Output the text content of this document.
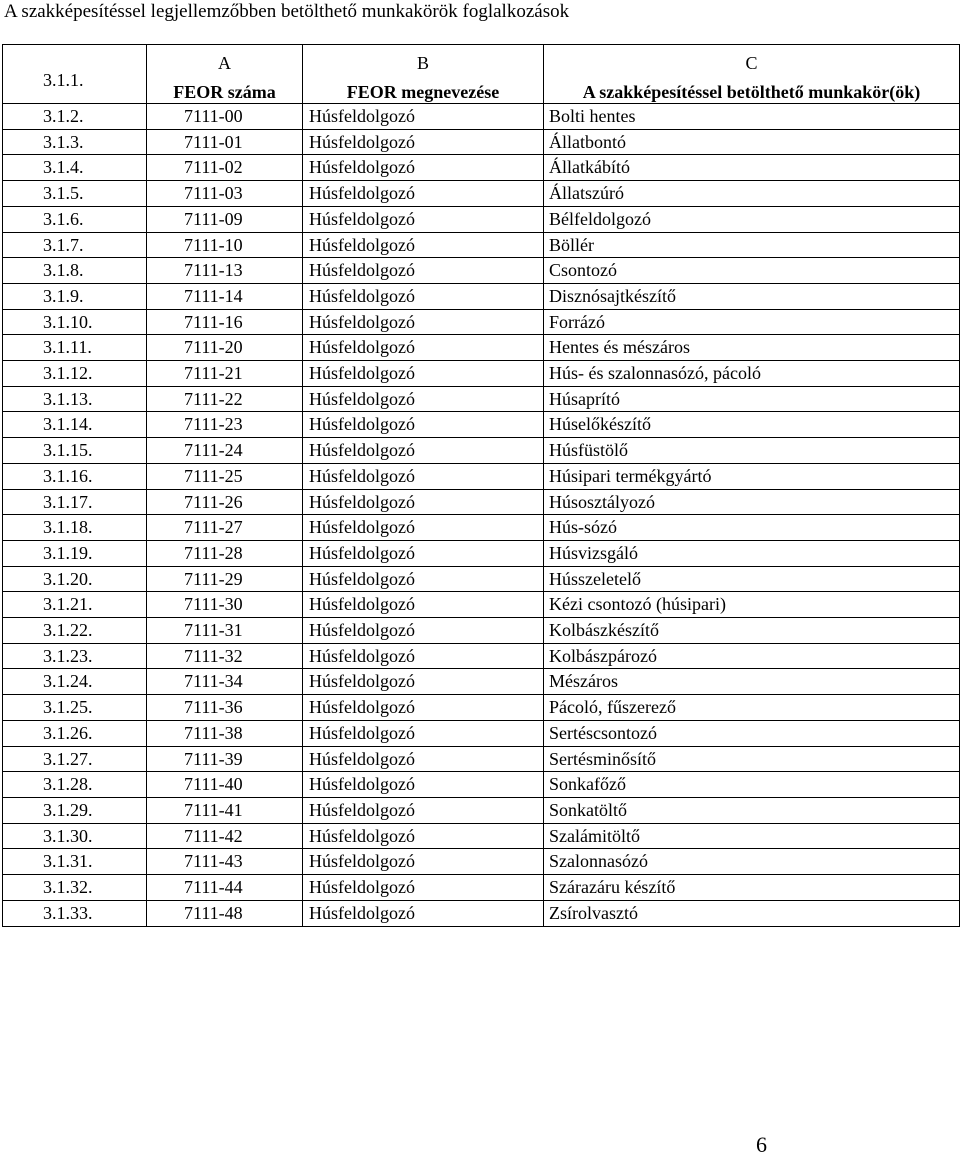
A szakképesítéssel legjellemzőbben betölthető munkakörök foglalkozások
	A	B	C
3.1.1.	FEOR száma	FEOR megnevezése	A szakképesítéssel betölthető munkakör(ök)
3.1.2.	7111-00	Húsfeldolgozó	Bolti hentes
3.1.3.	7111-01	Húsfeldolgozó	Állatbontó
3.1.4.	7111-02	Húsfeldolgozó	Állatkábító
3.1.5.	7111-03	Húsfeldolgozó	Állatszúró
3.1.6.	7111-09	Húsfeldolgozó	Bélfeldolgozó
3.1.7.	7111-10	Húsfeldolgozó	Böllér
3.1.8.	7111-13	Húsfeldolgozó	Csontozó
3.1.9.	7111-14	Húsfeldolgozó	Disznósajtkészítő
3.1.10.	7111-16	Húsfeldolgozó	Forrázó
3.1.11.	7111-20	Húsfeldolgozó	Hentes és mészáros
3.1.12.	7111-21	Húsfeldolgozó	Hús- és szalonnasózó, pácoló
3.1.13.	7111-22	Húsfeldolgozó	Húsaprító
3.1.14.	7111-23	Húsfeldolgozó	Húselőkészítő
3.1.15.	7111-24	Húsfeldolgozó	Húsfüstölő
3.1.16.	7111-25	Húsfeldolgozó	Húsipari termékgyártó
3.1.17.	7111-26	Húsfeldolgozó	Húsosztályozó
3.1.18.	7111-27	Húsfeldolgozó	Hús-sózó
3.1.19.	7111-28	Húsfeldolgozó	Húsvizsgáló
3.1.20.	7111-29	Húsfeldolgozó	Hússzeletelő
3.1.21.	7111-30	Húsfeldolgozó	Kézi csontozó (húsipari)
3.1.22.	7111-31	Húsfeldolgozó	Kolbászkészítő
3.1.23.	7111-32	Húsfeldolgozó	Kolbászpározó
3.1.24.	7111-34	Húsfeldolgozó	Mészáros
3.1.25.	7111-36	Húsfeldolgozó	Pácoló, fűszerező
3.1.26.	7111-38	Húsfeldolgozó	Sertéscsontozó
3.1.27.	7111-39	Húsfeldolgozó	Sertésminősítő
3.1.28.	7111-40	Húsfeldolgozó	Sonkafőző
3.1.29.	7111-41	Húsfeldolgozó	Sonkatöltő
3.1.30.	7111-42	Húsfeldolgozó	Szalámitöltő
3.1.31.	7111-43	Húsfeldolgozó	Szalonnasózó
3.1.32.	7111-44	Húsfeldolgozó	Szárazáru készítő
3.1.33.	7111-48	Húsfeldolgozó	Zsírolvasztó
6
